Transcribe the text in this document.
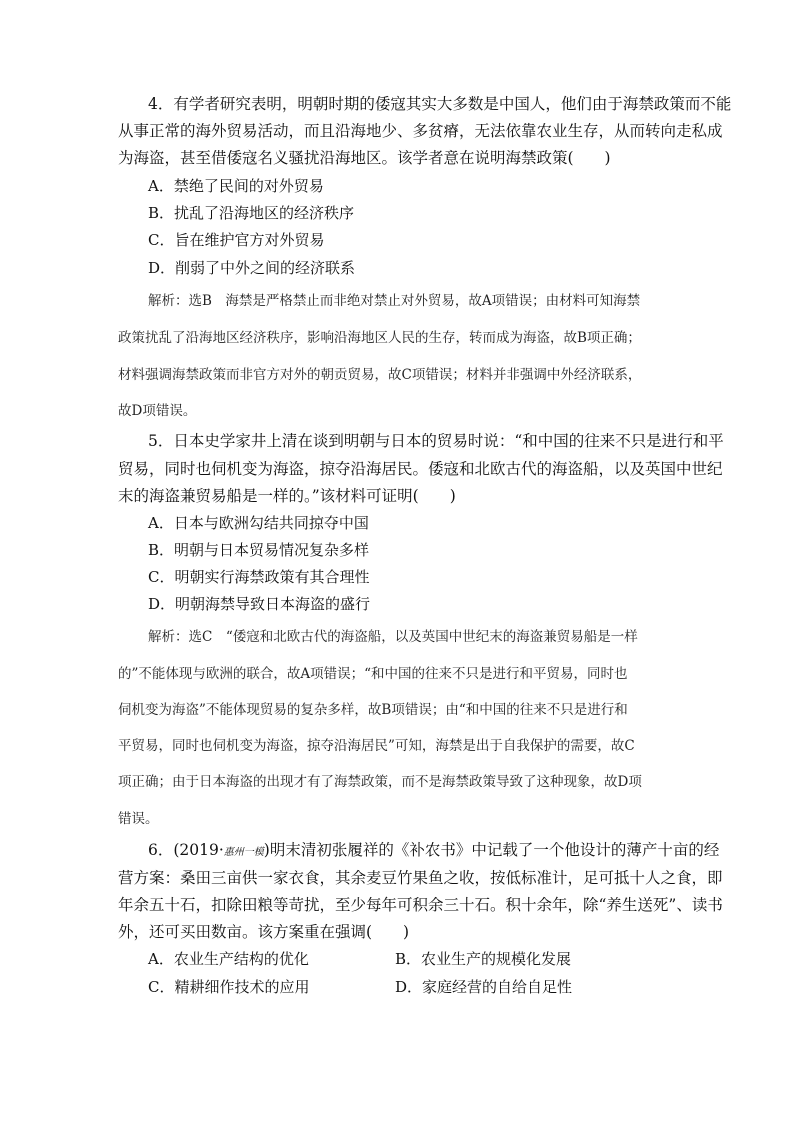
4．有学者研究表明，明朝时期的倭寇其实大多数是中国人，他们由于海禁政策而不能
从事正常的海外贸易活动，而且沿海地少、多贫瘠，无法依靠农业生存，从而转向走私成
为海盗，甚至借倭寇名义骚扰沿海地区。该学者意在说明海禁政策(　　)
A．禁绝了民间的对外贸易
B．扰乱了沿海地区的经济秩序
C．旨在维护官方对外贸易
D．削弱了中外之间的经济联系
解析：选B　海禁是严格禁止而非绝对禁止对外贸易，故A项错误；由材料可知海禁
政策扰乱了沿海地区经济秩序，影响沿海地区人民的生存，转而成为海盗，故B项正确；
材料强调海禁政策而非官方对外的朝贡贸易，故C项错误；材料并非强调中外经济联系，
故D项错误。
5．日本史学家井上清在谈到明朝与日本的贸易时说：“和中国的往来不只是进行和平
贸易，同时也伺机变为海盗，掠夺沿海居民。倭寇和北欧古代的海盗船，以及英国中世纪
末的海盗兼贸易船是一样的。”该材料可证明(　　)
A．日本与欧洲勾结共同掠夺中国
B．明朝与日本贸易情况复杂多样
C．明朝实行海禁政策有其合理性
D．明朝海禁导致日本海盗的盛行
解析：选C　“倭寇和北欧古代的海盗船，以及英国中世纪末的海盗兼贸易船是一样
的”不能体现与欧洲的联合，故A项错误；“和中国的往来不只是进行和平贸易，同时也
伺机变为海盗”不能体现贸易的复杂多样，故B项错误；由“和中国的往来不只是进行和
平贸易，同时也伺机变为海盗，掠夺沿海居民”可知，海禁是出于自我保护的需要，故C
项正确；由于日本海盗的出现才有了海禁政策，而不是海禁政策导致了这种现象，故D项
错误。
6．(2019·惠州一模)明末清初张履祥的《补农书》中记载了一个他设计的薄产十亩的经
营方案：桑田三亩供一家衣食，其余麦豆竹果鱼之收，按低标准计，足可抵十人之食，即
年余五十石，扣除田粮等苛扰，至少每年可积余三十石。积十余年，除“养生送死”、读书
外，还可买田数亩。该方案重在强调(　　)
A．农业生产结构的优化	B．农业生产的规模化发展
C．精耕细作技术的应用	D．家庭经营的自给自足性
